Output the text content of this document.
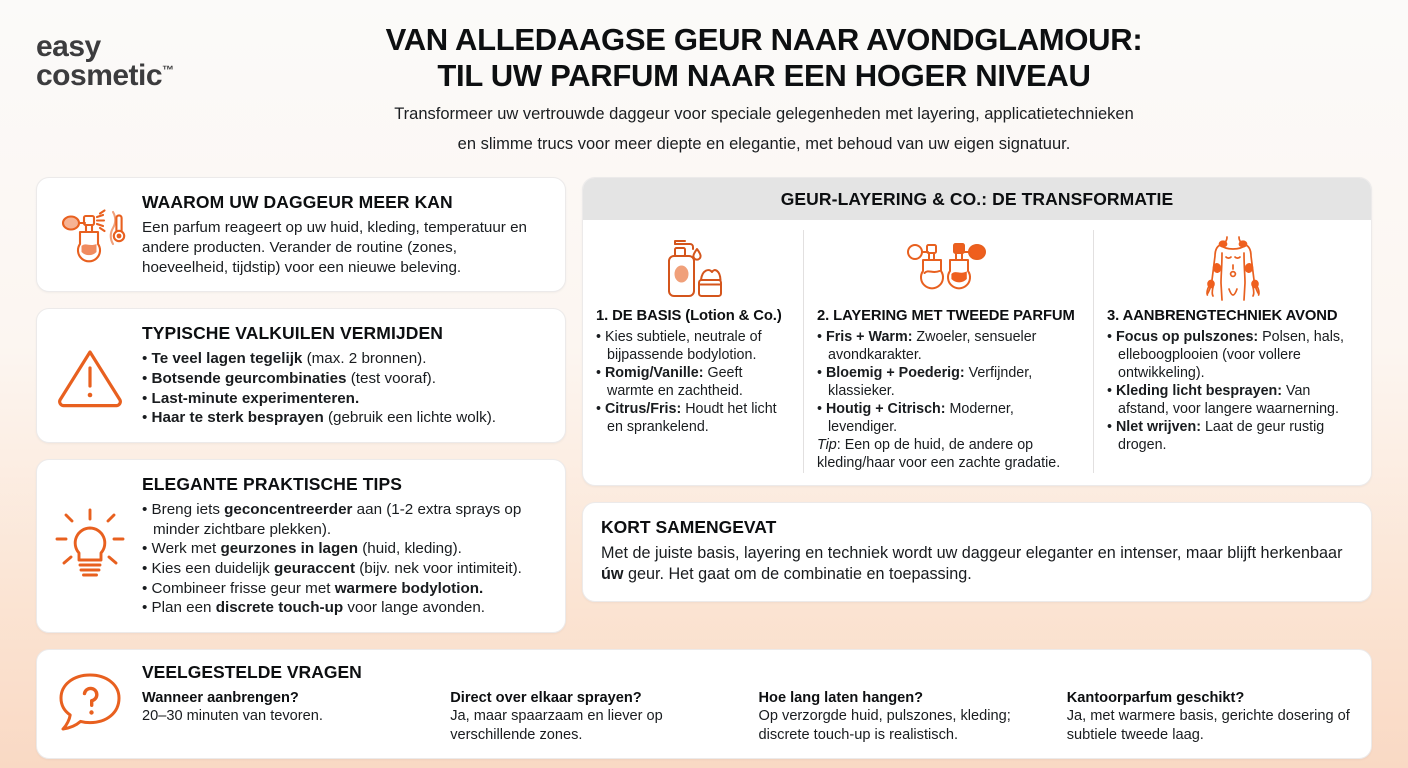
easy
cosmetic™
VAN ALLEDAAGSE GEUR NAAR AVONDGLAMOUR:
TIL UW PARFUM NAAR EEN HOGER NIVEAU
Transformeer uw vertrouwde daggeur voor speciale gelegenheden met layering, applicatietechnieken
en slimme trucs voor meer diepte en elegantie, met behoud van uw eigen signatuur.
WAAROM UW DAGGEUR MEER KAN

Een parfum reageert op uw huid, kleding, temperatuur en andere producten. Verander de routine (zones, hoeveelheid, tijdstip) voor een nieuwe beleving.

TYPISCHE VALKUILEN VERMIJDEN
• Te veel lagen tegelijk (max. 2 bronnen).
• Botsende geurcombinaties (test vooraf).
• Last-minute experimenteren.
• Haar te sterk besprayen (gebruik een lichte wolk).
ELEGANTE PRAKTISCHE TIPS
• Breng iets geconcentreerder aan (1-2 extra sprays op minder zichtbare plekken).
• Werk met geurzones in lagen (huid, kleding).
• Kies een duidelijk geuraccent (bijv. nek voor intimiteit).
• Combineer frisse geur met warmere bodylotion.
• Plan een discrete touch-up voor lange avonden.
GEUR-LAYERING & CO.: DE TRANSFORMATIE
1. DE BASIS (Lotion & Co.)
• Kies subtiele, neutrale of bijpassende bodylotion.
• Romig/Vanille: Geeft warmte en zachtheid.
• Citrus/Fris: Houdt het licht en sprankelend.
2. LAYERING MET TWEEDE PARFUM
• Fris + Warm: Zwoeler, sensueler avondkarakter.
• Bloemig + Poederig: Verfijnder, klassieker.
• Houtig + Citrisch: Moderner, levendiger.
Tip: Een op de huid, de andere op kleding/haar voor een zachte gradatie.
3. AANBRENGTECHNIEK AVOND
• Focus op pulszones: Polsen, hals, elleboogplooien (voor vollere ontwikkeling).
• Kleding licht besprayen: Van afstand, voor langere waarnerning.
• Nlet wrijven: Laat de geur rustig drogen.
KORT SAMENGEVAT

Met de juiste basis, layering en techniek wordt uw daggeur eleganter en intenser, maar blijft herkenbaar úw geur. Het gaat om de combinatie en toepassing.

VEELGESTELDE VRAGEN
Wanneer aanbrengen?
20–30 minuten van tevoren.
Direct over elkaar sprayen?
Ja, maar spaarzaam en liever op verschillende zones.
Hoe lang laten hangen?
Op verzorgde huid, pulszones, kleding; discrete touch-up is realistisch.
Kantoorparfum geschikt?
Ja, met warmere basis, gerichte dosering of subtiele tweede laag.
